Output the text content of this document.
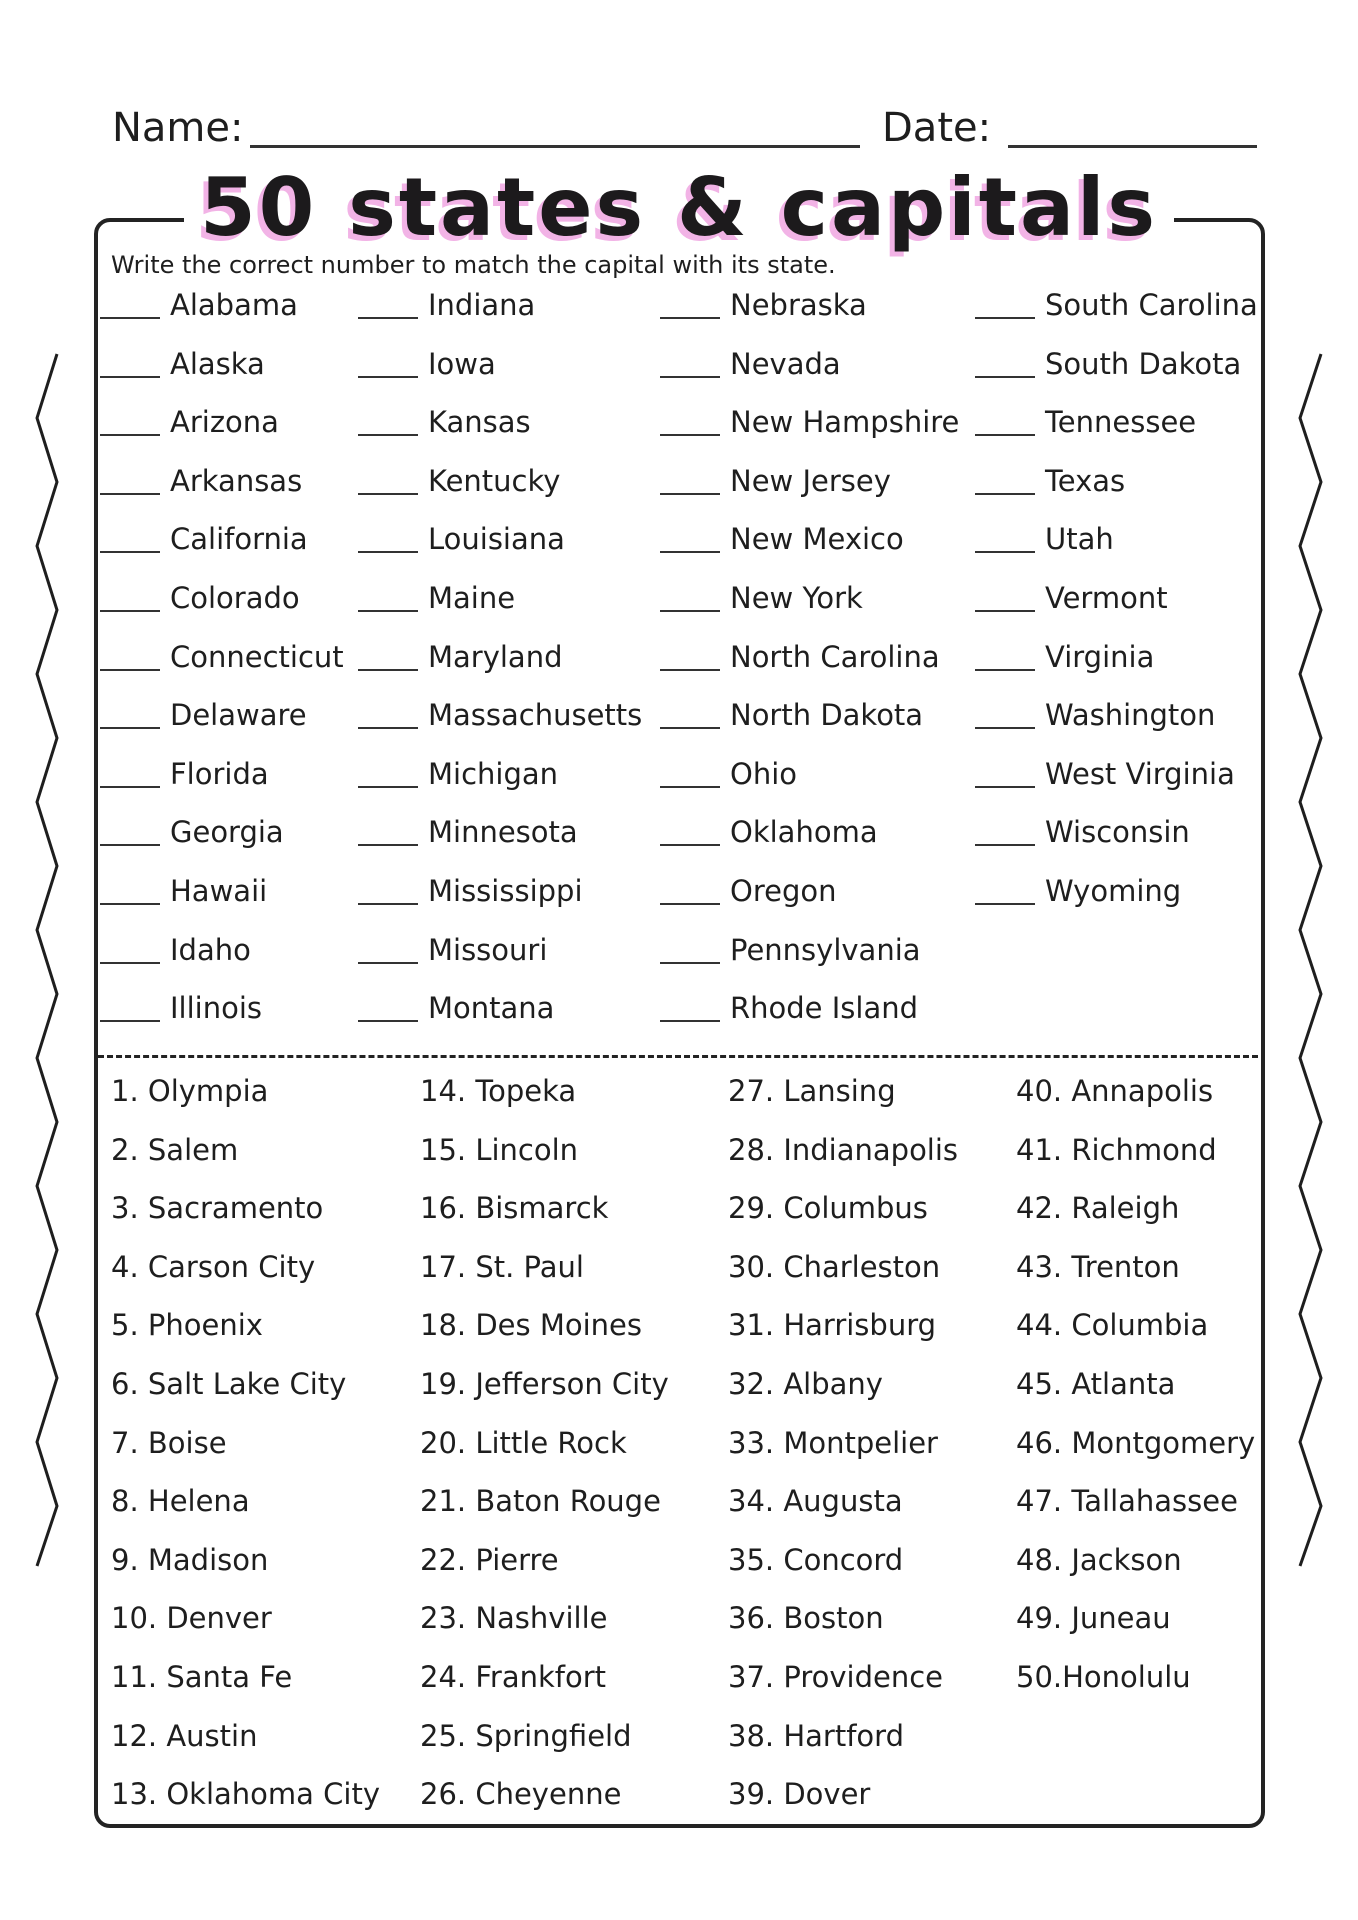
Name:	Date:
50 states & capitals
Write the correct number to match the capital with its state.
Alabama
Alaska
Arizona
Arkansas
California
Colorado
Connecticut
Delaware
Florida
Georgia
Hawaii
Idaho
Illinois
Indiana
Iowa
Kansas
Kentucky
Louisiana
Maine
Maryland
Massachusetts
Michigan
Minnesota
Mississippi
Missouri
Montana
Nebraska
Nevada
New Hampshire
New Jersey
New Mexico
New York
North Carolina
North Dakota
Ohio
Oklahoma
Oregon
Pennsylvania
Rhode Island
South Carolina
South Dakota
Tennessee
Texas
Utah
Vermont
Virginia
Washington
West Virginia
Wisconsin
Wyoming
1. Olympia
2. Salem
3. Sacramento
4. Carson City
5. Phoenix
6. Salt Lake City
7. Boise
8. Helena
9. Madison
10. Denver
11. Santa Fe
12. Austin
13. Oklahoma City
14. Topeka
15. Lincoln
16. Bismarck
17. St. Paul
18. Des Moines
19. Jefferson City
20. Little Rock
21. Baton Rouge
22. Pierre
23. Nashville
24. Frankfort
25. Springfield
26. Cheyenne
27. Lansing
28. Indianapolis
29. Columbus
30. Charleston
31. Harrisburg
32. Albany
33. Montpelier
34. Augusta
35. Concord
36. Boston
37. Providence
38. Hartford
39. Dover
40. Annapolis
41. Richmond
42. Raleigh
43. Trenton
44. Columbia
45. Atlanta
46. Montgomery
47. Tallahassee
48. Jackson
49. Juneau
50.Honolulu
